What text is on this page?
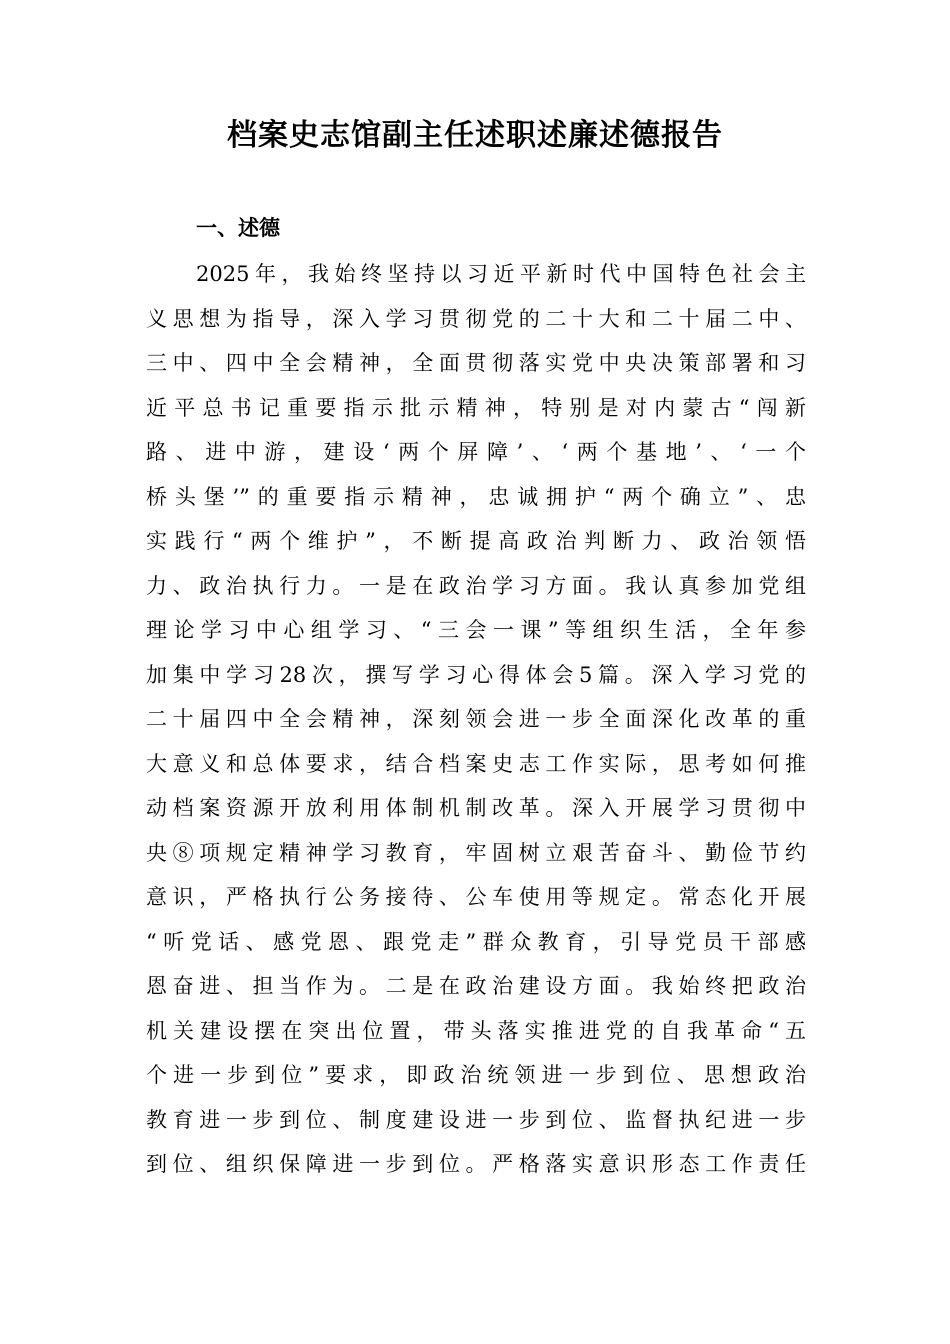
档案史志馆副主任述职述廉述德报告
一、述德
2025年，我始终坚持以习近平新时代中国特色社会主
义思想为指导，深入学习贯彻党的二十大和二十届二中、
三中、四中全会精神，全面贯彻落实党中央决策部署和习
近平总书记重要指示批示精神，特别是对内蒙古“闯新
路、进中游，建设‘两个屏障’、‘两个基地’、‘一个
桥头堡’”的重要指示精神，忠诚拥护“两个确立”、忠
实践行“两个维护”，不断提高政治判断力、政治领悟
力、政治执行力。一是在政治学习方面。我认真参加党组
理论学习中心组学习、“三会一课”等组织生活，全年参
加集中学习28次，撰写学习心得体会5篇。深入学习党的
二十届四中全会精神，深刻领会进一步全面深化改革的重
大意义和总体要求，结合档案史志工作实际，思考如何推
动档案资源开放利用体制机制改革。深入开展学习贯彻中
央⑧项规定精神学习教育，牢固树立艰苦奋斗、勤俭节约
意识，严格执行公务接待、公车使用等规定。常态化开展
“听党话、感党恩、跟党走”群众教育，引导党员干部感
恩奋进、担当作为。二是在政治建设方面。我始终把政治
机关建设摆在突出位置，带头落实推进党的自我革命“五
个进一步到位”要求，即政治统领进一步到位、思想政治
教育进一步到位、制度建设进一步到位、监督执纪进一步
到位、组织保障进一步到位。严格落实意识形态工作责任
